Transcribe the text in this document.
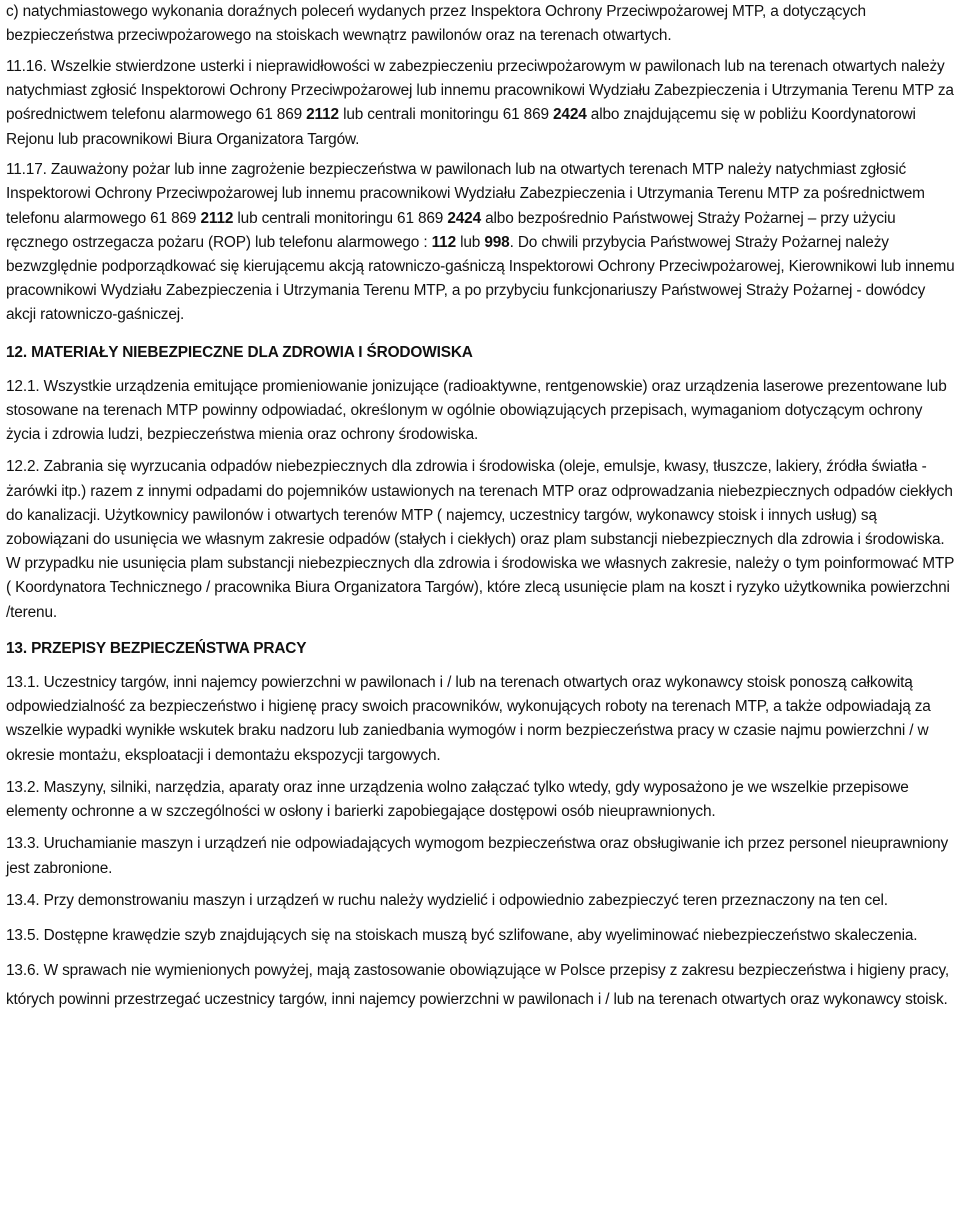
c) natychmiastowego wykonania doraźnych poleceń wydanych przez Inspektora Ochrony Przeciwpożarowej MTP, a dotyczących bezpieczeństwa przeciwpożarowego na stoiskach wewnątrz pawilonów oraz na terenach otwartych.

11.16. Wszelkie stwierdzone usterki i nieprawidłowości w zabezpieczeniu przeciwpożarowym w pawilonach lub na terenach otwartych należy natychmiast zgłosić Inspektorowi Ochrony Przeciwpożarowej lub innemu pracownikowi Wydziału Zabezpieczenia i Utrzymania Terenu MTP za pośrednictwem telefonu alarmowego 61 869 2112 lub centrali monitoringu 61 869 2424 albo znajdującemu się w pobliżu Koordynatorowi Rejonu lub pracownikowi Biura Organizatora Targów.

11.17. Zauważony pożar lub inne zagrożenie bezpieczeństwa w pawilonach lub na otwartych terenach MTP należy natychmiast zgłosić Inspektorowi Ochrony Przeciwpożarowej lub innemu pracownikowi Wydziału Zabezpieczenia i Utrzymania Terenu MTP za pośrednictwem telefonu alarmowego 61 869 2112 lub centrali monitoringu 61 869 2424 albo bezpośrednio Państwowej Straży Pożarnej – przy użyciu ręcznego ostrzegacza pożaru (ROP) lub telefonu alarmowego : 112 lub 998. Do chwili przybycia Państwowej Straży Pożarnej należy bezwzględnie podporządkować się kierującemu akcją ratowniczo-gaśniczą Inspektorowi Ochrony Przeciwpożarowej, Kierownikowi lub innemu pracownikowi Wydziału Zabezpieczenia i Utrzymania Terenu MTP, a po przybyciu funkcjonariuszy Państwowej Straży Pożarnej - dowódcy akcji ratowniczo-gaśniczej.

12. MATERIAŁY NIEBEZPIECZNE DLA ZDROWIA I ŚRODOWISKA

12.1. Wszystkie urządzenia emitujące promieniowanie jonizujące (radioaktywne, rentgenowskie) oraz urządzenia laserowe prezentowane lub stosowane na terenach MTP powinny odpowiadać, określonym w ogólnie obowiązujących przepisach, wymaganiom dotyczącym ochrony życia i zdrowia ludzi, bezpieczeństwa mienia oraz ochrony środowiska.

12.2. Zabrania się wyrzucania odpadów niebezpiecznych dla zdrowia i środowiska (oleje, emulsje, kwasy, tłuszcze, lakiery, źródła światła - żarówki itp.) razem z innymi odpadami do pojemników ustawionych na terenach MTP oraz odprowadzania niebezpiecznych odpadów ciekłych do kanalizacji. Użytkownicy pawilonów i otwartych terenów MTP ( najemcy, uczestnicy targów, wykonawcy stoisk i innych usług) są zobowiązani do usunięcia we własnym zakresie odpadów (stałych i ciekłych) oraz plam substancji niebezpiecznych dla zdrowia i środowiska. W przypadku nie usunięcia plam substancji niebezpiecznych dla zdrowia i środowiska we własnych zakresie, należy o tym poinformować MTP ( Koordynatora Technicznego / pracownika Biura Organizatora Targów), które zlecą usunięcie plam na koszt i ryzyko użytkownika powierzchni /terenu.

13. PRZEPISY BEZPIECZEŃSTWA PRACY

13.1. Uczestnicy targów, inni najemcy powierzchni w pawilonach i / lub na terenach otwartych oraz wykonawcy stoisk ponoszą całkowitą odpowiedzialność za bezpieczeństwo i higienę pracy swoich pracowników, wykonujących roboty na terenach MTP, a także odpowiadają za wszelkie wypadki wynikłe wskutek braku nadzoru lub zaniedbania wymogów i norm bezpieczeństwa pracy w czasie najmu powierzchni / w okresie montażu, eksploatacji i demontażu ekspozycji targowych.

13.2. Maszyny, silniki, narzędzia, aparaty oraz inne urządzenia wolno załączać tylko wtedy, gdy wyposażono je we wszelkie przepisowe elementy ochronne a w szczególności w osłony i barierki zapobiegające dostępowi osób nieuprawnionych.

13.3. Uruchamianie maszyn i urządzeń nie odpowiadających wymogom bezpieczeństwa oraz obsługiwanie ich przez personel nieuprawniony jest zabronione.

13.4. Przy demonstrowaniu maszyn i urządzeń w ruchu należy wydzielić i odpowiednio zabezpieczyć teren przeznaczony na ten cel.

13.5. Dostępne krawędzie szyb znajdujących się na stoiskach muszą być szlifowane, aby wyeliminować niebezpieczeństwo skaleczenia.

13.6. W sprawach nie wymienionych powyżej, mają zastosowanie obowiązujące w Polsce przepisy z zakresu bezpieczeństwa i higieny pracy, których powinni przestrzegać uczestnicy targów, inni najemcy powierzchni w pawilonach i / lub na terenach otwartych oraz wykonawcy stoisk.
